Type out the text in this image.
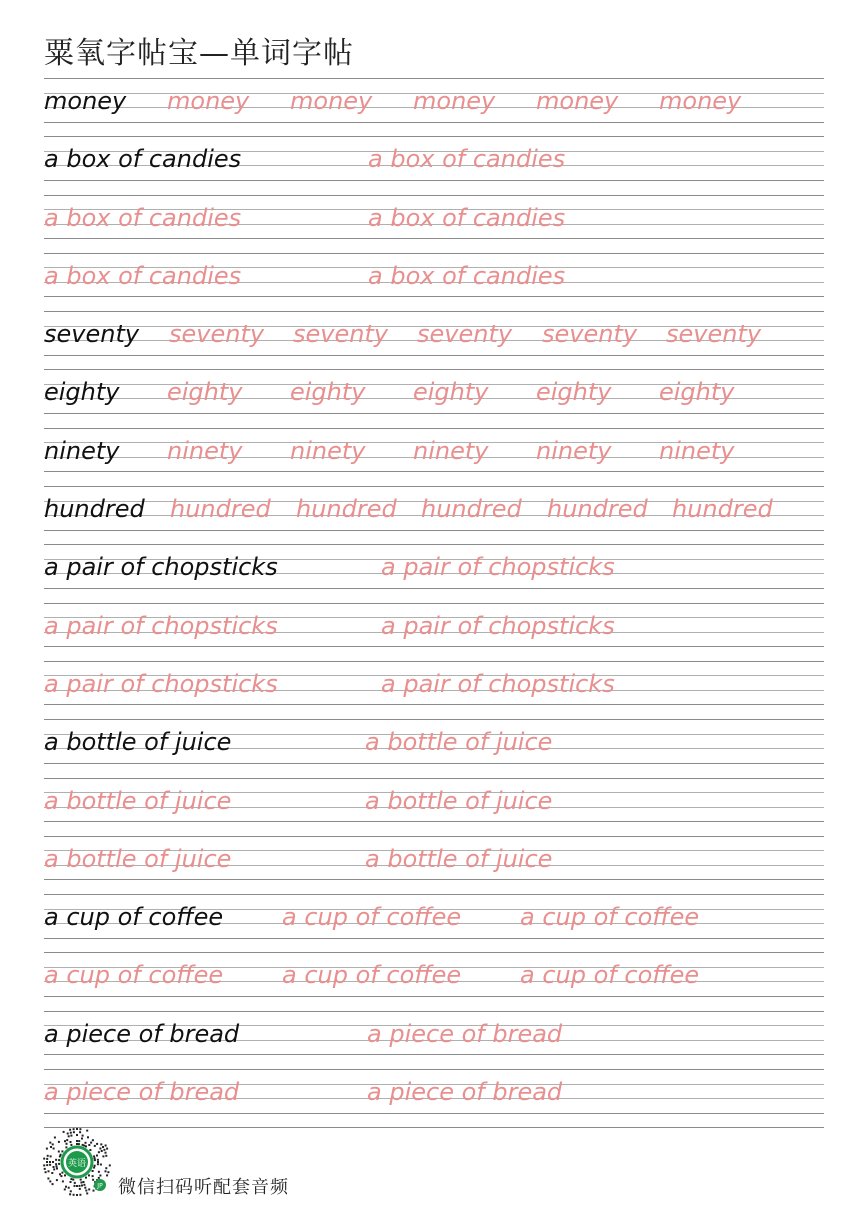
粟氧字帖宝—单词字帖
money money money money money money
a box of candies	a box of candies
a box of candies	a box of candies
a box of candies	a box of candies
seventy seventy seventy seventy seventy seventy
eighty eighty eighty eighty eighty eighty
ninety ninety ninety ninety ninety ninety
hundred hundred hundred hundred hundred hundred
a pair of chopsticks	a pair of chopsticks
a pair of chopsticks	a pair of chopsticks
a pair of chopsticks	a pair of chopsticks
a bottle of juice	a bottle of juice
a bottle of juice	a bottle of juice
a bottle of juice	a bottle of juice
a cup of coffee a cup of coffee a cup of coffee
a cup of coffee a cup of coffee a cup of coffee
a piece of bread	a piece of bread
a piece of bread	a piece of bread
英语
JP 微信扫码听配套音频
